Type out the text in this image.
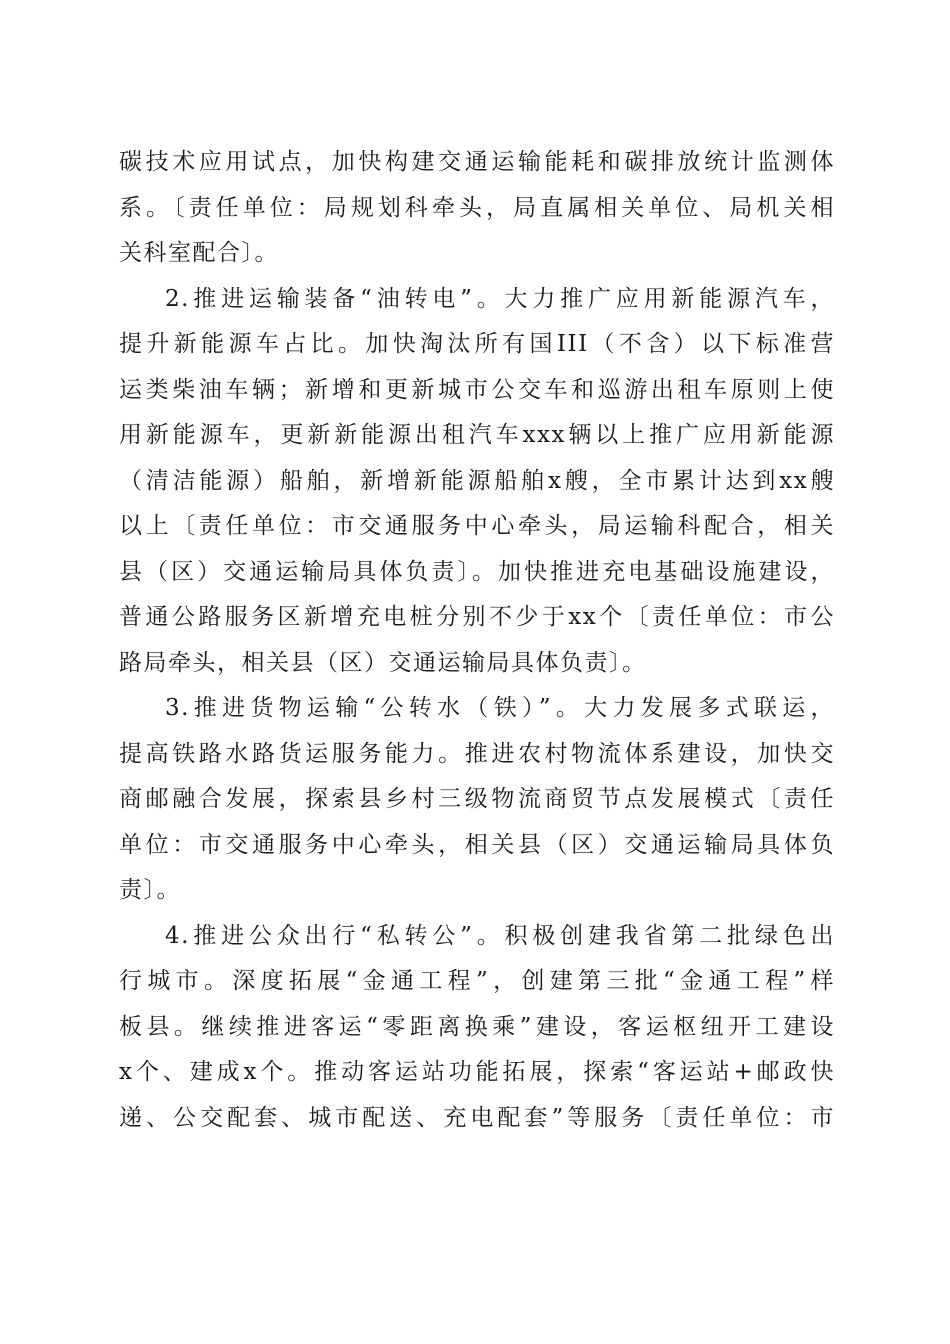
碳技术应用试点，加快构建交通运输能耗和碳排放统计监测体
系。〔责任单位：局规划科牵头，局直属相关单位、局机关相
关科室配合〕。
2.推进运输装备“油转电”。大力推广应用新能源汽车，
提升新能源车占比。加快淘汰所有国III（不含）以下标准营
运类柴油车辆；新增和更新城市公交车和巡游出租车原则上使
用新能源车，更新新能源出租汽车xxx辆以上推广应用新能源
（清洁能源）船舶，新增新能源船舶x艘，全市累计达到xx艘
以上〔责任单位：市交通服务中心牵头，局运输科配合，相关
县（区）交通运输局具体负责〕。加快推进充电基础设施建设，
普通公路服务区新增充电桩分别不少于xx个〔责任单位：市公
路局牵头，相关县（区）交通运输局具体负责〕。
3.推进货物运输“公转水（铁）”。大力发展多式联运，
提高铁路水路货运服务能力。推进农村物流体系建设，加快交
商邮融合发展，探索县乡村三级物流商贸节点发展模式〔责任
单位：市交通服务中心牵头，相关县（区）交通运输局具体负
责〕。
4.推进公众出行“私转公”。积极创建我省第二批绿色出
行城市。深度拓展“金通工程”，创建第三批“金通工程”样
板县。继续推进客运“零距离换乘”建设，客运枢纽开工建设
x个、建成x个。推动客运站功能拓展，探索“客运站+邮政快
递、公交配套、城市配送、充电配套”等服务〔责任单位：市
